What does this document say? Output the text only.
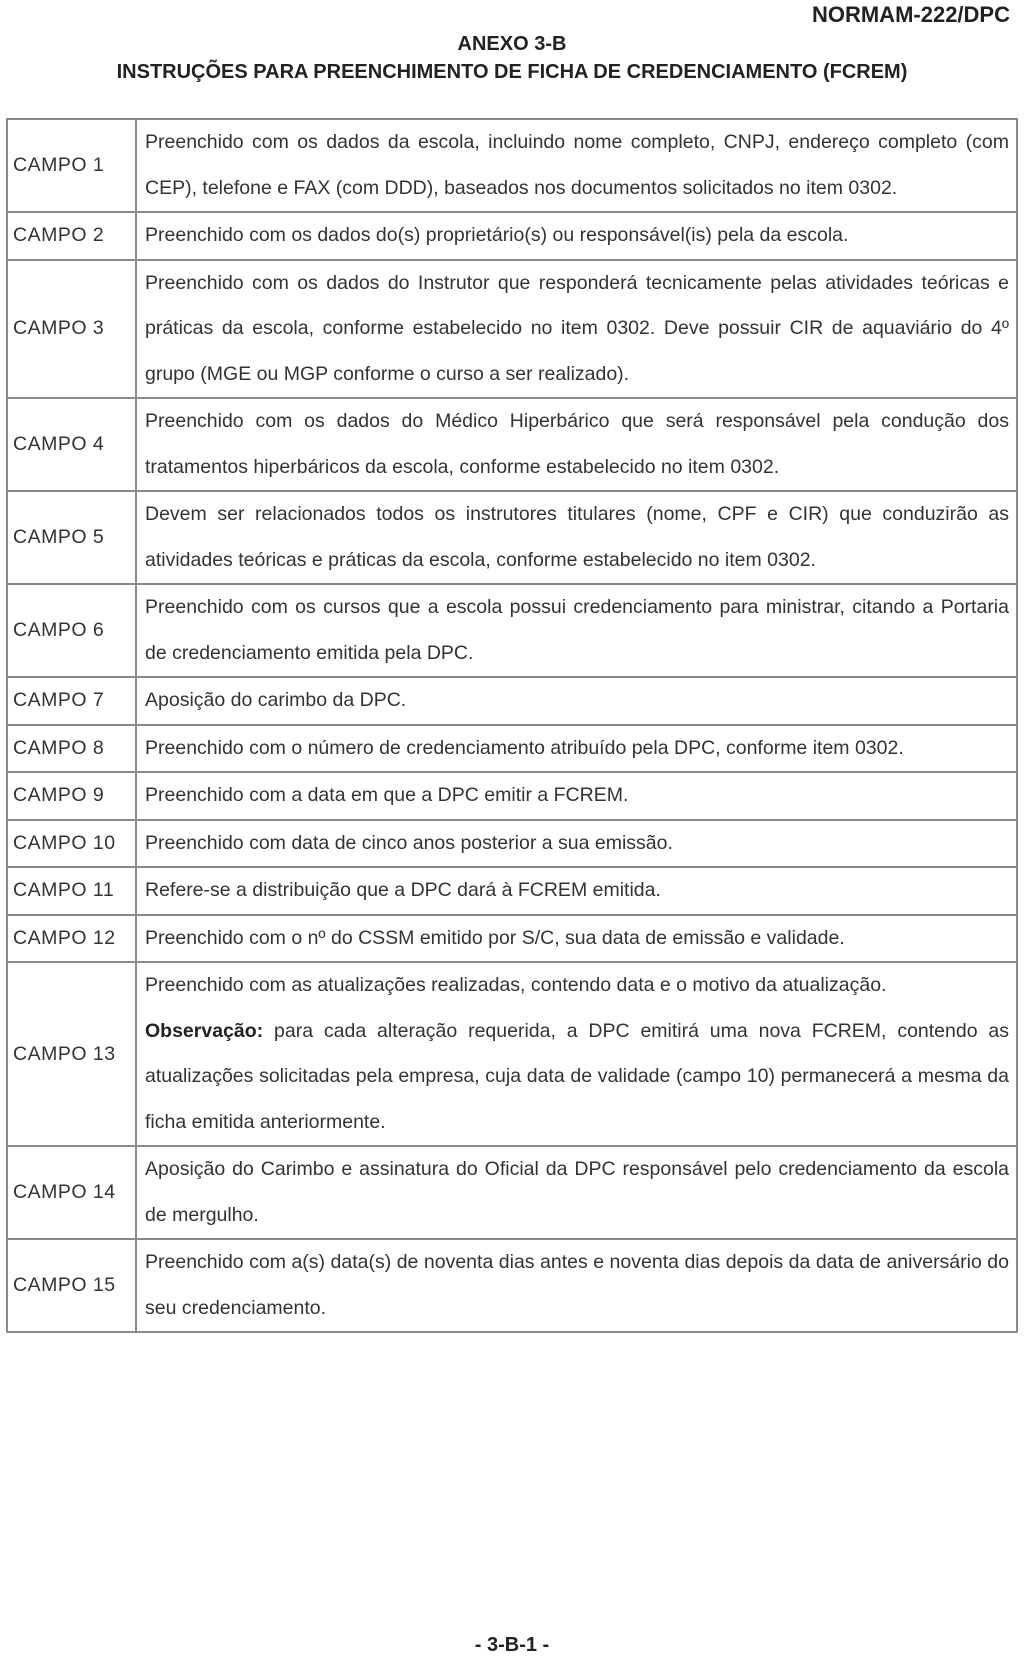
NORMAM-222/DPC
ANEXO 3-B
INSTRUÇÕES PARA PREENCHIMENTO DE FICHA DE CREDENCIAMENTO (FCREM)
CAMPO 1	Preenchido com os dados da escola, incluindo nome completo, CNPJ, endereço completo (com CEP), telefone e FAX (com DDD), baseados nos documentos solicitados no item 0302.
CAMPO 2	Preenchido com os dados do(s) proprietário(s) ou responsável(is) pela da escola.
CAMPO 3	Preenchido com os dados do Instrutor que responderá tecnicamente pelas atividades teóricas e práticas da escola, conforme estabelecido no item 0302. Deve possuir CIR de aquaviário do 4º grupo (MGE ou MGP conforme o curso a ser realizado).
CAMPO 4	Preenchido com os dados do Médico Hiperbárico que será responsável pela condução dos tratamentos hiperbáricos da escola, conforme estabelecido no item 0302.
CAMPO 5	Devem ser relacionados todos os instrutores titulares (nome, CPF e CIR) que conduzirão as atividades teóricas e práticas da escola, conforme estabelecido no item 0302.
CAMPO 6	Preenchido com os cursos que a escola possui credenciamento para ministrar, citando a Portaria de credenciamento emitida pela DPC.
CAMPO 7	Aposição do carimbo da DPC.
CAMPO 8	Preenchido com o número de credenciamento atribuído pela DPC, conforme item 0302.
CAMPO 9	Preenchido com a data em que a DPC emitir a FCREM.
CAMPO 10	Preenchido com data de cinco anos posterior a sua emissão.
CAMPO 11	Refere-se a distribuição que a DPC dará à FCREM emitida.
CAMPO 12	Preenchido com o nº do CSSM emitido por S/C, sua data de emissão e validade.
CAMPO 13	Preenchido com as atualizações realizadas, contendo data e o motivo da atualização.
Observação: para cada alteração requerida, a DPC emitirá uma nova FCREM, contendo as atualizações solicitadas pela empresa, cuja data de validade (campo 10) permanecerá a mesma da ficha emitida anteriormente.

CAMPO 14	Aposição do Carimbo e assinatura do Oficial da DPC responsável pelo credenciamento da escola de mergulho.
CAMPO 15	Preenchido com a(s) data(s) de noventa dias antes e noventa dias depois da data de aniversário do seu credenciamento.
- 3-B-1 -
